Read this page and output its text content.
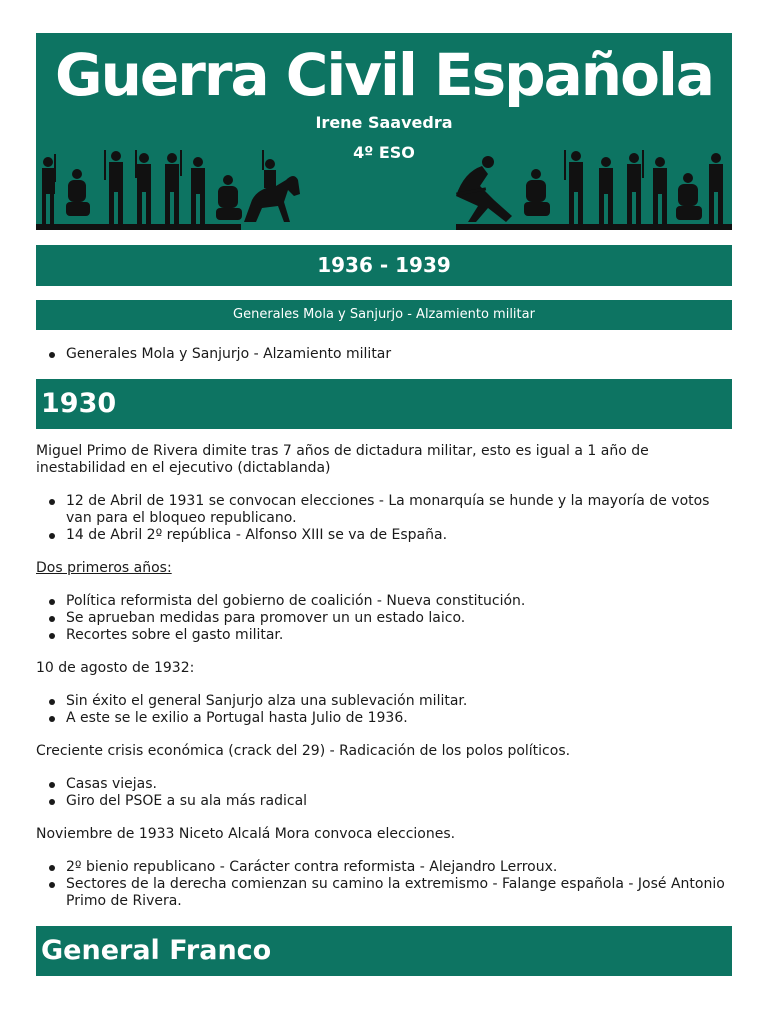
Guerra Civil Española
Irene Saavedra
4º ESO
1936 - 1939
Generales Mola y Sanjurjo - Alzamiento militar
Generales Mola y Sanjurjo - Alzamiento militar
1930

Miguel Primo de Rivera dimite tras 7 años de dictadura militar, esto es igual a 1 año de inestabilidad en el ejecutivo (dictablanda)

12 de Abril de 1931 se convocan elecciones - La monarquía se hunde y la mayoría de votos van para el bloqueo republicano.
14 de Abril 2º república - Alfonso XIII se va de España.

Dos primeros años:

Política reformista del gobierno de coalición - Nueva constitución.
Se aprueban medidas para promover un un estado laico.
Recortes sobre el gasto militar.

10 de agosto de 1932:

Sin éxito el general Sanjurjo alza una sublevación militar.
A este se le exilio a Portugal hasta Julio de 1936.

Creciente crisis económica (crack del 29) - Radicación de los polos políticos.

Casas viejas.
Giro del PSOE a su ala más radical

Noviembre de 1933 Niceto Alcalá Mora convoca elecciones.

2º bienio republicano - Carácter contra reformista - Alejandro Lerroux.
Sectores de la derecha comienzan su camino la extremismo - Falange española - José Antonio Primo de Rivera.
General Franco
